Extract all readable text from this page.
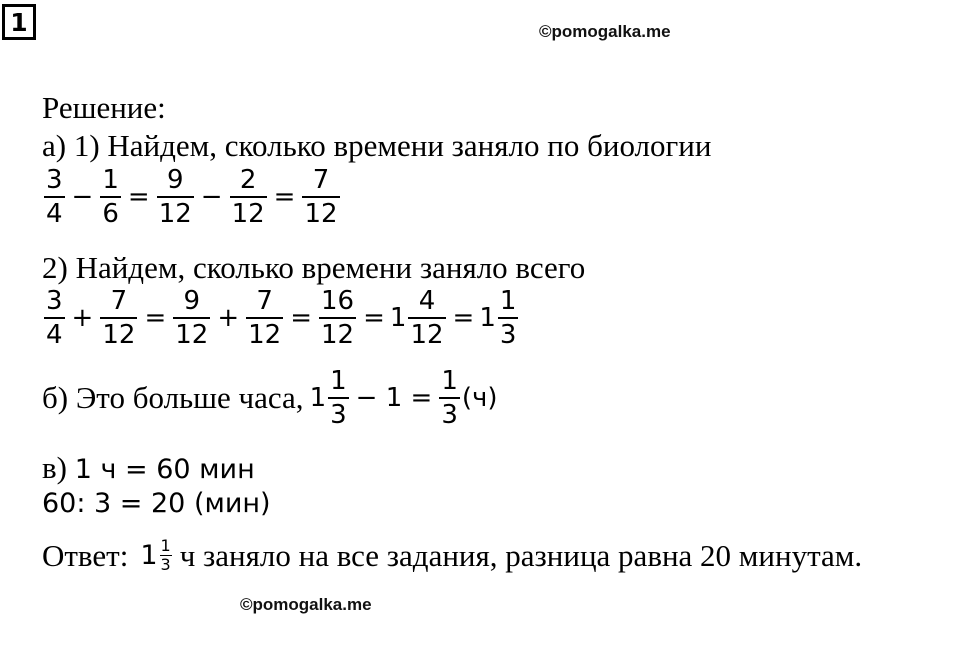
1	©pomogalka.me
Решение:
а) 1) Найдем, сколько времени заняло по биологии
$\frac{3}{4} - \frac{1}{6} = \frac{9}{12} - \frac{2}{12} = \frac{7}{12}$
2) Найдем, сколько времени заняло всего
$\frac{3}{4} + \frac{7}{12} = \frac{9}{12} + \frac{7}{12} = \frac{16}{12} = 1 \frac{4}{12} = 1 \frac{1}{3}$
б) Это больше часа, $1 \frac{1}{3} - 1 = \frac{1}{3} (ч)$
в) 1 ч = 60 мин
60: 3 = 20 (мин)
Ответ: $1 \frac{1}{3}$ ч заняло на все задания, разница равна 20 минутам.
©pomogalka.me
